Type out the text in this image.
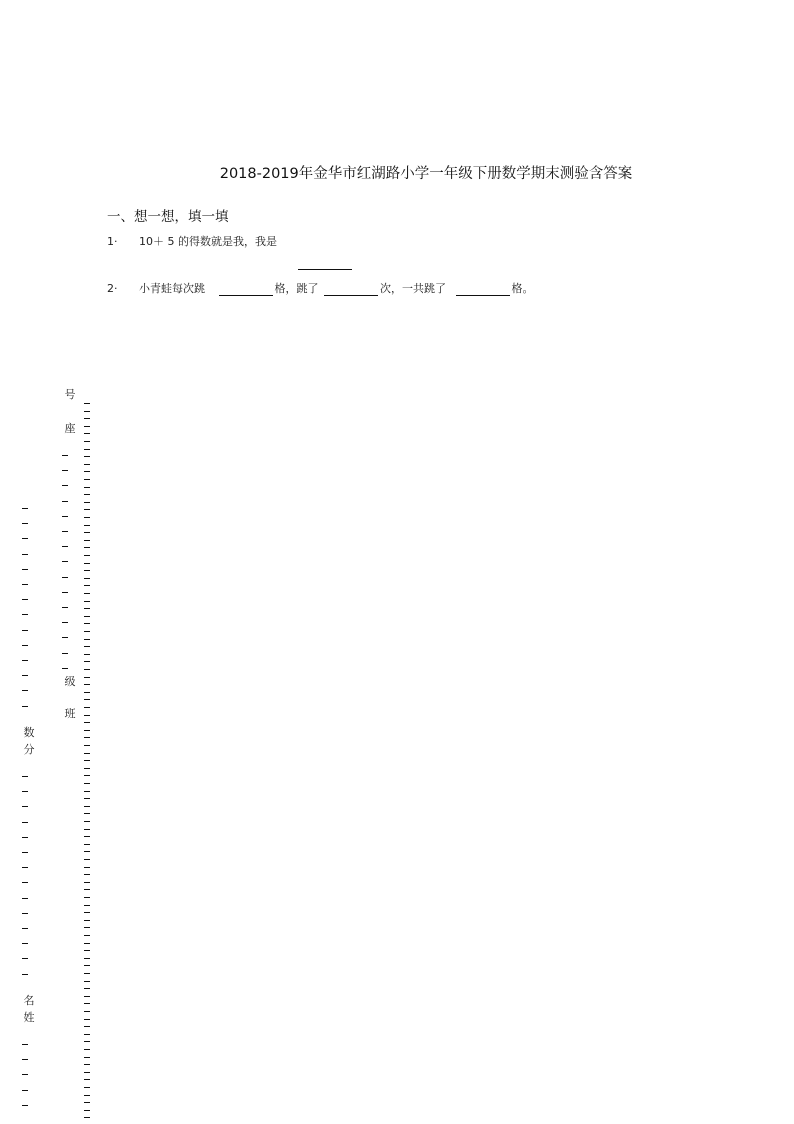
2018-2019年金华市红湖路小学一年级下册数学期末测验含答案
一、想一想，填一填
1· 10＋ 5 的得数就是我，我是
2· 小青蛙每次跳	格，跳了	次，一共跳了	格。
号
座
级
班
数
分
名
姓
